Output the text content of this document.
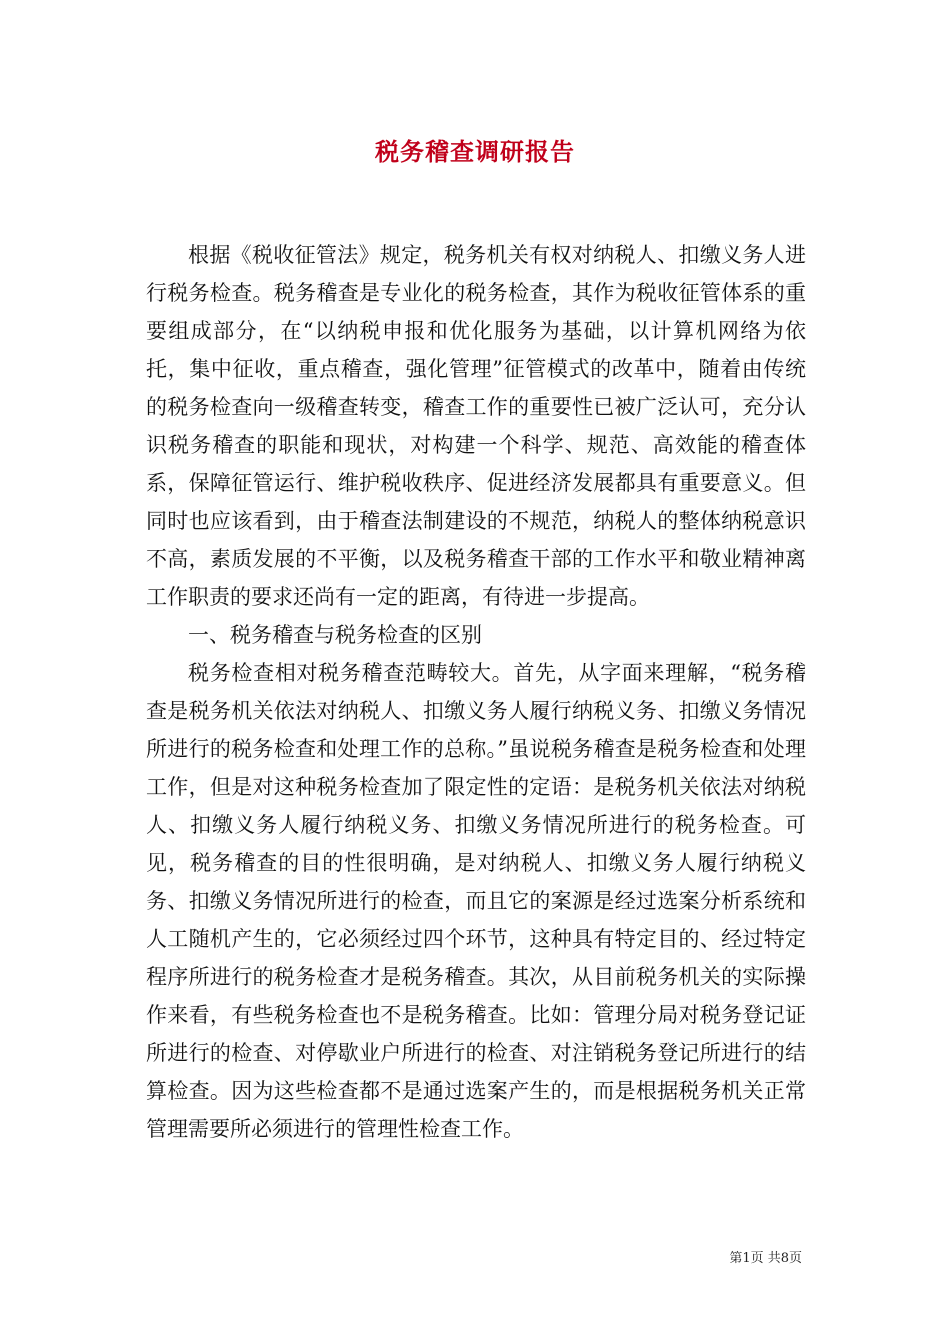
税务稽查调研报告

根据《税收征管法》规定，税务机关有权对纳税人、扣缴义务人进行税务检查。税务稽查是专业化的税务检查，其作为税收征管体系的重要组成部分，在“以纳税申报和优化服务为基础，以计算机网络为依托，集中征收，重点稽查，强化管理”征管模式的改革中，随着由传统的税务检查向一级稽查转变，稽查工作的重要性已被广泛认可，充分认识税务稽查的职能和现状，对构建一个科学、规范、高效能的稽查体系，保障征管运行、维护税收秩序、促进经济发展都具有重要意义。但同时也应该看到，由于稽查法制建设的不规范，纳税人的整体纳税意识不高，素质发展的不平衡，以及税务稽查干部的工作水平和敬业精神离工作职责的要求还尚有一定的距离，有待进一步提高。

一、税务稽查与税务检查的区别

税务检查相对税务稽查范畴较大。首先，从字面来理解，“税务稽查是税务机关依法对纳税人、扣缴义务人履行纳税义务、扣缴义务情况所进行的税务检查和处理工作的总称。”虽说税务稽查是税务检查和处理工作，但是对这种税务检查加了限定性的定语：是税务机关依法对纳税人、扣缴义务人履行纳税义务、扣缴义务情况所进行的税务检查。可见，税务稽查的目的性很明确，是对纳税人、扣缴义务人履行纳税义务、扣缴义务情况所进行的检查，而且它的案源是经过选案分析系统和人工随机产生的，它必须经过四个环节，这种具有特定目的、经过特定程序所进行的税务检查才是税务稽查。其次，从目前税务机关的实际操作来看，有些税务检查也不是税务稽查。比如：管理分局对税务登记证所进行的检查、对停歇业户所进行的检查、对注销税务登记所进行的结算检查。因为这些检查都不是通过选案产生的，而是根据税务机关正常管理需要所必须进行的管理性检查工作。

第1页 共8页
